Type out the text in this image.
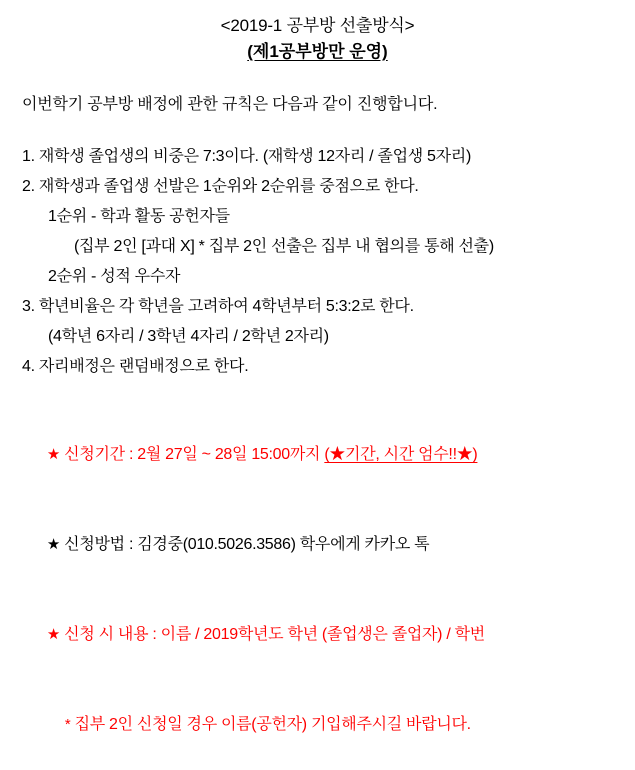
<2019-1 공부방 선출방식>
(제1공부방만 운영)
이번학기 공부방 배정에 관한 규칙은 다음과 같이 진행합니다.
1. 재학생 졸업생의 비중은 7:3이다. (재학생 12자리 / 졸업생 5자리)
2. 재학생과 졸업생 선발은 1순위와 2순위를 중점으로 한다.
1순위 - 학과 활동 공헌자들
(집부 2인 [과대 X] * 집부 2인 선출은 집부 내 협의를 통해 선출)
2순위 - 성적 우수자
3. 학년비율은 각 학년을 고려하여 4학년부터 5:3:2로 한다.
(4학년 6자리 / 3학년 4자리 / 2학년 2자리)
4. 자리배정은 랜덤배정으로 한다.

★ 신청기간 : 2월 27일 ~ 28일 15:00까지 (★기간, 시간 엄수!!★)

★ 신청방법 : 김경중(010.5026.3586) 학우에게 카카오 톡

★ 신청 시 내용 : 이름 / 2019학년도 학년 (졸업생은 졸업자) / 학번

* 집부 2인 신청일 경우 이름(공헌자) 기입해주시길 바랍니다.
